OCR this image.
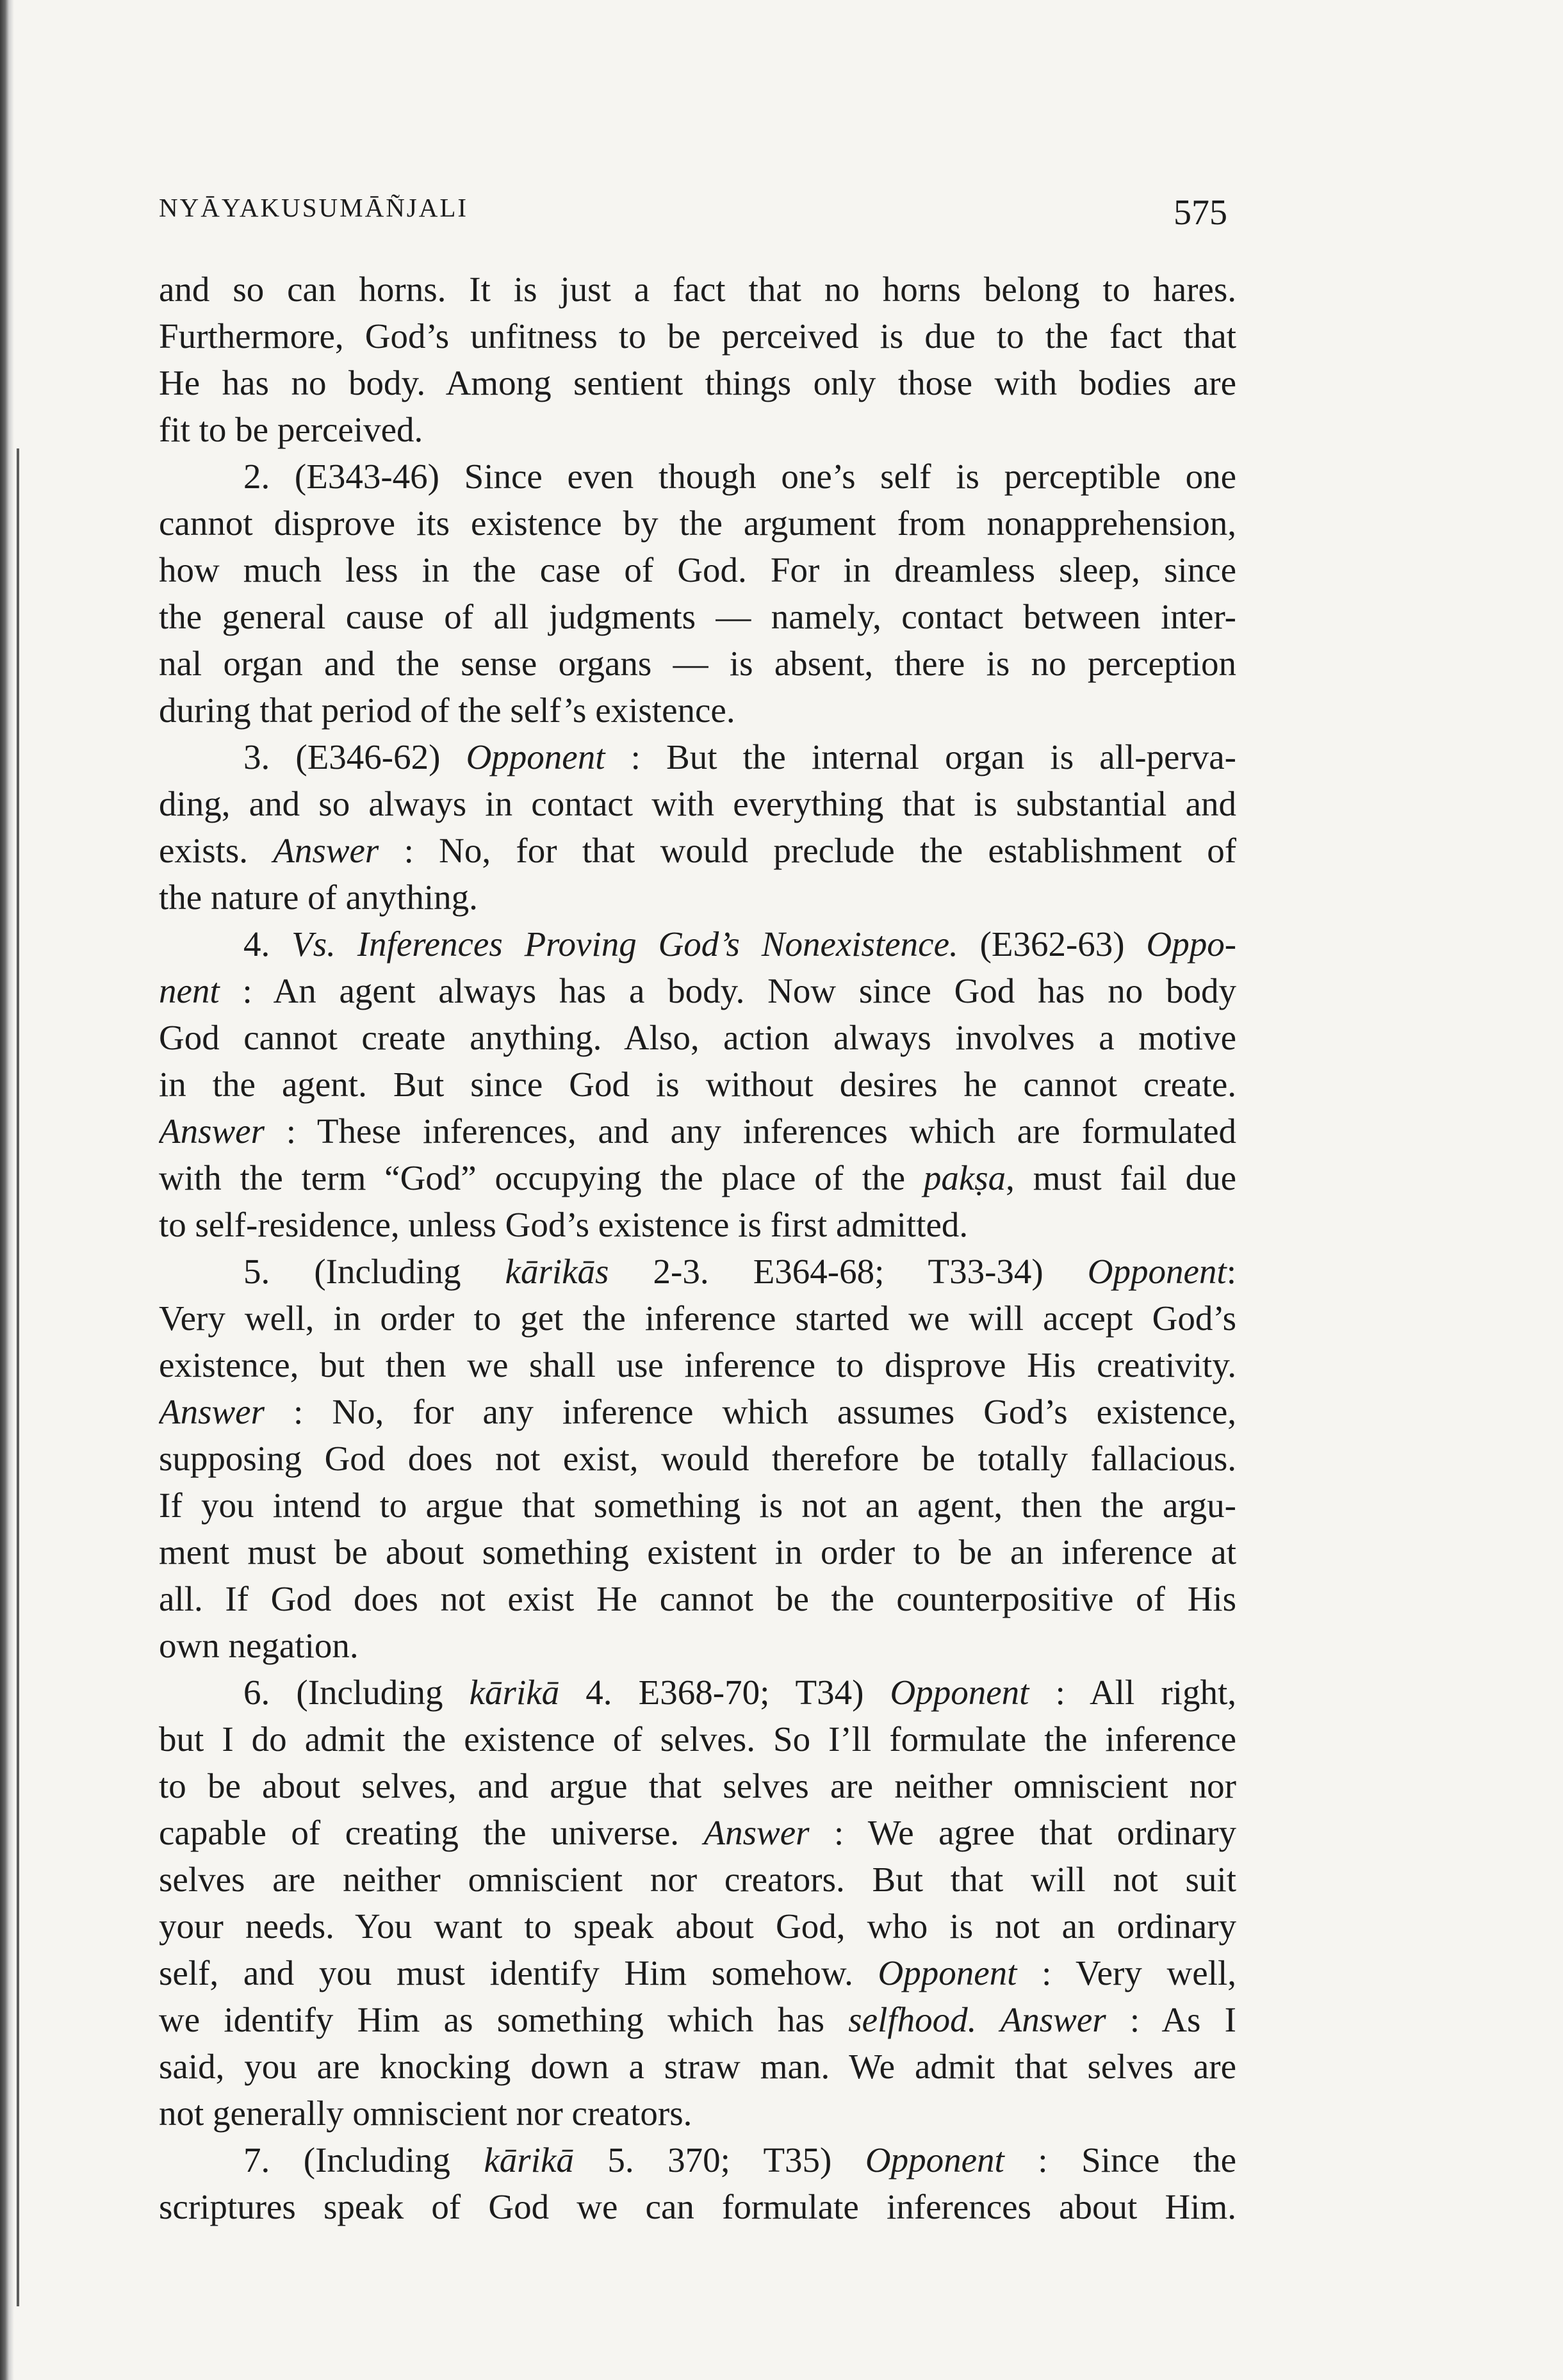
NYĀYAKUSUMĀÑJALI	575
and so can horns. It is just a fact that no horns belong to hares.
Furthermore, God’s unfitness to be perceived is due to the fact that
He has no body. Among sentient things only those with bodies are
fit to be perceived.
2. (E343-46) Since even though one’s self is perceptible one
cannot disprove its existence by the argument from nonapprehension,
how much less in the case of God. For in dreamless sleep, since
the general cause of all judgments — namely, contact between inter-
nal organ and the sense organs — is absent, there is no perception
during that period of the self’s existence.
3. (E346-62) Opponent : But the internal organ is all-perva-
ding, and so always in contact with everything that is substantial and
exists. Answer : No, for that would preclude the establishment of
the nature of anything.
4. Vs. Inferences Proving God’s Nonexistence. (E362-63) Oppo-
nent : An agent always has a body. Now since God has no body
God cannot create anything. Also, action always involves a motive
in the agent. But since God is without desires he cannot create.
Answer : These inferences, and any inferences which are formulated
with the term “God” occupying the place of the pakṣa, must fail due
to self-residence, unless God’s existence is first admitted.
5. (Including kārikās 2-3. E364-68; T33-34) Opponent:
Very well, in order to get the inference started we will accept God’s
existence, but then we shall use inference to disprove His creativity.
Answer : No, for any inference which assumes God’s existence,
supposing God does not exist, would therefore be totally fallacious.
If you intend to argue that something is not an agent, then the argu-
ment must be about something existent in order to be an inference at
all. If God does not exist He cannot be the counterpositive of His
own negation.
6. (Including kārikā 4. E368-70; T34) Opponent : All right,
but I do admit the existence of selves. So I’ll formulate the inference
to be about selves, and argue that selves are neither omniscient nor
capable of creating the universe. Answer : We agree that ordinary
selves are neither omniscient nor creators. But that will not suit
your needs. You want to speak about God, who is not an ordinary
self, and you must identify Him somehow. Opponent : Very well,
we identify Him as something which has selfhood. Answer : As I
said, you are knocking down a straw man. We admit that selves are
not generally omniscient nor creators.
7. (Including kārikā 5. 370; T35) Opponent : Since the
scriptures speak of God we can formulate inferences about Him.
